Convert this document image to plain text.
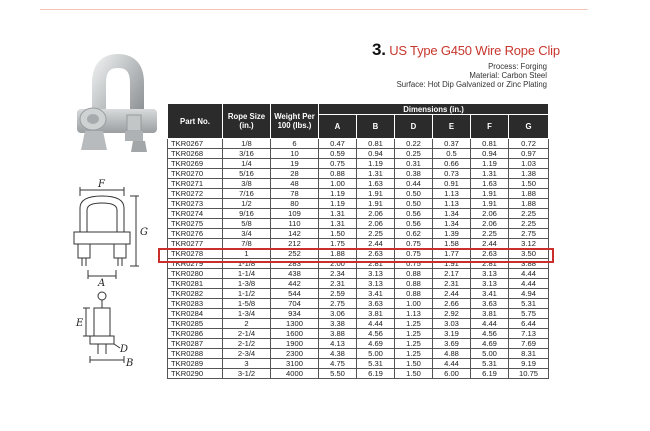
3. US Type G450 Wire Rope Clip
Process: Forging
Material: Carbon Steel
Surface: Hot Dip Galvanized or Zinc Plating
F
G
A
E
D
B
Part No.	Rope Size (in.)	Weight Per 100 (lbs.)	Dimensions (in.)					
			A	B	D	E	F	G
TKR0267	1/8	6	0.47	0.81	0.22	0.37	0.81	0.72
TKR0268	3/16	10	0.59	0.94	0.25	0.5	0.94	0.97
TKR0269	1/4	19	0.75	1.19	0.31	0.66	1.19	1.03
TKR0270	5/16	28	0.88	1.31	0.38	0.73	1.31	1.38
TKR0271	3/8	48	1.00	1.63	0.44	0.91	1.63	1.50
TKR0272	7/16	78	1.19	1.91	0.50	1.13	1.91	1.88
TKR0273	1/2	80	1.19	1.91	0.50	1.13	1.91	1.88
TKR0274	9/16	109	1.31	2.06	0.56	1.34	2.06	2.25
TKR0275	5/8	110	1.31	2.06	0.56	1.34	2.06	2.25
TKR0276	3/4	142	1.50	2.25	0.62	1.39	2.25	2.75
TKR0277	7/8	212	1.75	2.44	0.75	1.58	2.44	3.12
TKR0278	1	252	1.88	2.63	0.75	1.77	2.63	3.50
TKR0279	1-1/8	283	2.00	2.81	0.75	1.91	2.81	3.88
TKR0280	1-1/4	438	2.34	3.13	0.88	2.17	3.13	4.44
TKR0281	1-3/8	442	2.31	3.13	0.88	2.31	3.13	4.44
TKR0282	1-1/2	544	2.59	3.41	0.88	2.44	3.41	4.94
TKR0283	1-5/8	704	2.75	3.63	1.00	2.66	3.63	5.31
TKR0284	1-3/4	934	3.06	3.81	1.13	2.92	3.81	5.75
TKR0285	2	1300	3.38	4.44	1.25	3.03	4.44	6.44
TKR0286	2-1/4	1600	3.88	4.56	1.25	3.19	4.56	7.13
TKR0287	2-1/2	1900	4.13	4.69	1.25	3.69	4.69	7.69
TKR0288	2-3/4	2300	4.38	5.00	1.25	4.88	5.00	8.31
TKR0289	3	3100	4.75	5.31	1.50	4.44	5.31	9.19
TKR0290	3-1/2	4000	5.50	6.19	1.50	6.00	6.19	10.75
